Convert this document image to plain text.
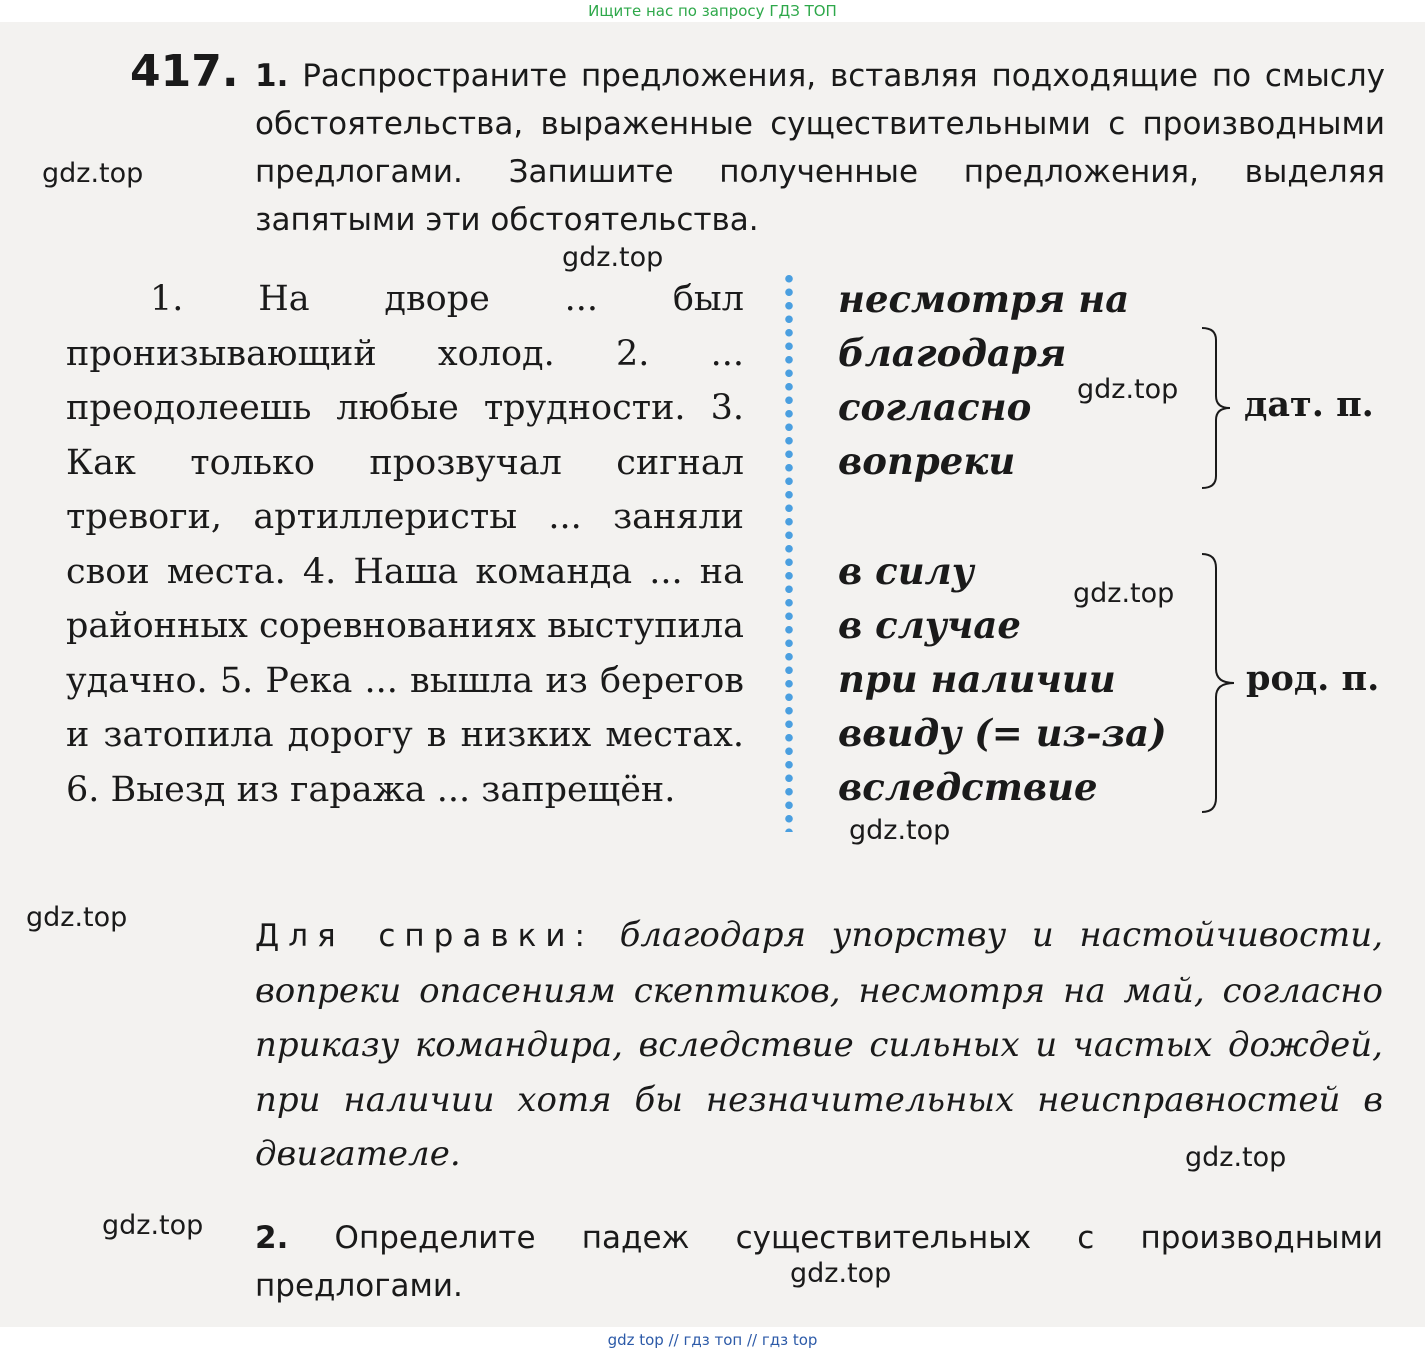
Ищите нас по запросу ГДЗ ТОП
417. 1. Распространите предложения, вставляя подходящие по смыслу обстоятельства, выраженные существительными с производными предлогами. Запишите полученные предложения, выделяя запятыми эти обстоятельства.
1. На дворе ... был пронизывающий холод. 2. ... преодолеешь любые трудности. 3. Как только прозвучал сигнал тревоги, артиллеристы ... заняли свои места. 4. Наша команда ... на районных соревнованиях выступила удачно. 5. Река ... вышла из берегов и затопила дорогу в низких местах. 6. Выезд из гаража ... запрещён.
несмотря на
благодаря
согласно
вопреки
дат. п.
в силу
в случае
при наличии
ввиду (= из-за)
вследствие
род. п.
Для справки: благодаря упорству и настойчивости, вопреки опасениям скептиков, несмотря на май, согласно приказу командира, вследствие сильных и частых дождей, при наличии хотя бы незначительных неисправностей в двигателе.
2. Определите падеж существительных с производными предлогами.
gdz.top
gdz.top
gdz.top
gdz.top
gdz.top
gdz.top
gdz.top
gdz.top
gdz.top
gdz top // гдз топ // гдз top
